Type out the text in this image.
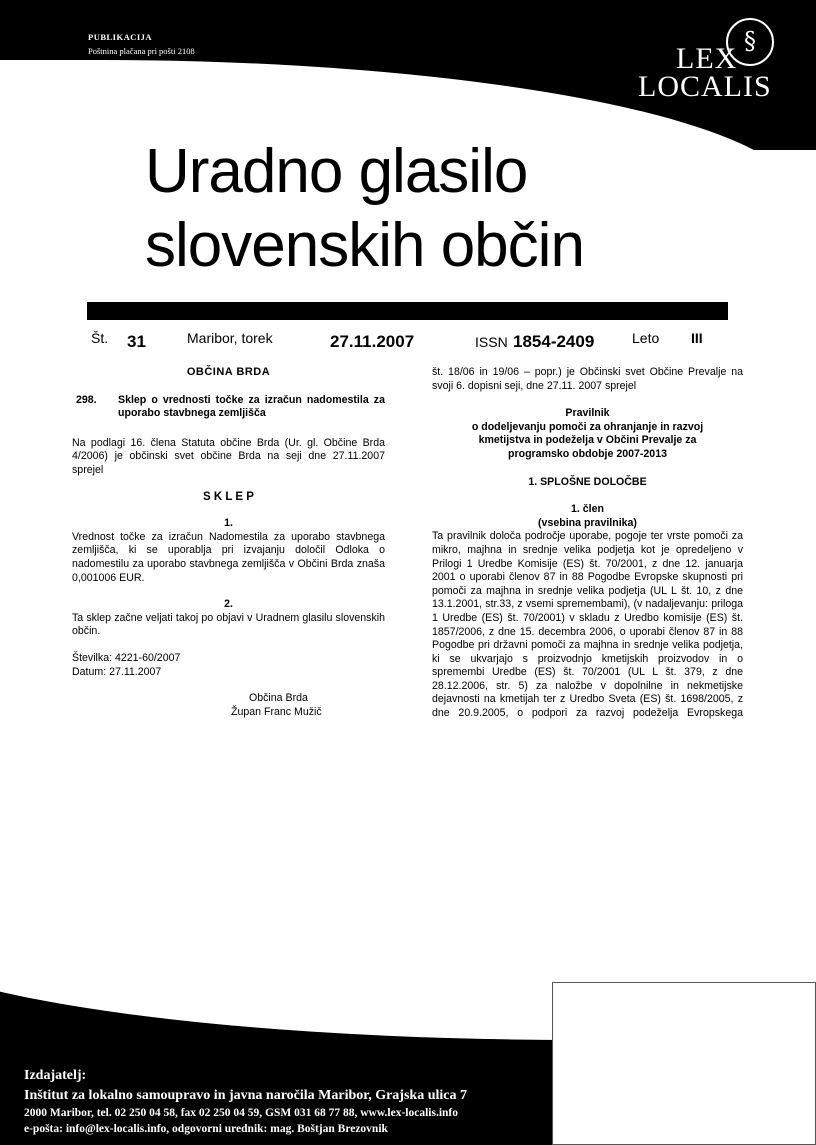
PUBLIKACIJA
Poštnina plačana pri pošti 2108	§
LEX
LOCALIS
Uradno glasilo
slovenskih občin
Št. 31	Maribor, torek	27.11.2007	ISSN 1854-2409	Leto III
OBČINA BRDA
298.	Sklep o vrednosti točke za izračun nadomestila za uporabo stavbnega zemljišča
Na podlagi 16. člena Statuta občine Brda (Ur. gl. Občine Brda 4/2006) je občinski svet občine Brda na seji dne 27.11.2007 sprejel
S K L E P
1.
Vrednost točke za izračun Nadomestila za uporabo stavbnega zemljišča, ki se uporablja pri izvajanju določil Odloka o nadomestilu za uporabo stavbnega zemljišča v Občini Brda znaša 0,001006 EUR.
2.
Ta sklep začne veljati takoj po objavi v Uradnem glasilu slovenskih občin.
Številka: 4221-60/2007
Datum: 27.11.2007
Občina Brda
Župan Franc Mužič
št. 18/06 in 19/06 – popr.) je Občinski svet Občine Prevalje na svoji 6. dopisni seji, dne 27.11. 2007 sprejel
Pravilnik
o dodeljevanju pomoči za ohranjanje in razvoj kmetijstva in podeželja v Občini Prevalje za programsko obdobje 2007-2013
1. SPLOŠNE DOLOČBE
1. člen
(vsebina pravilnika)
Ta pravilnik določa področje uporabe, pogoje ter vrste pomoči za mikro, majhna in srednje velika podjetja kot je opredeljeno v Prilogi 1 Uredbe Komisije (ES) št. 70/2001, z dne 12. januarja 2001 o uporabi členov 87 in 88 Pogodbe Evropske skupnosti pri pomoči za majhna in srednje velika podjetja (UL L št. 10, z dne 13.1.2001, str.33, z vsemi spremembami), (v nadaljevanju: priloga 1 Uredbe (ES) št. 70/2001) v skladu z Uredbo komisije (ES) št. 1857/2006, z dne 15. decembra 2006, o uporabi členov 87 in 88 Pogodbe pri državni pomoči za majhna in srednje velika podjetja, ki se ukvarjajo s proizvodnjo kmetijskih proizvodov in o spremembi Uredbe (ES) št. 70/2001 (UL L št. 379, z dne 28.12.2006, str. 5) za naložbe v dopolnilne in nekmetijske dejavnosti na kmetijah ter z Uredbo Sveta (ES) št. 1698/2005, z dne 20.9.2005, o podpori za razvoj podeželja Evropskega
Izdajatelj:
Inštitut za lokalno samoupravo in javna naročila Maribor, Grajska ulica 7
2000 Maribor, tel. 02 250 04 58, fax 02 250 04 59, GSM 031 68 77 88, www.lex-localis.info
e-pošta: info@lex-localis.info, odgovorni urednik: mag. Boštjan Brezovnik
